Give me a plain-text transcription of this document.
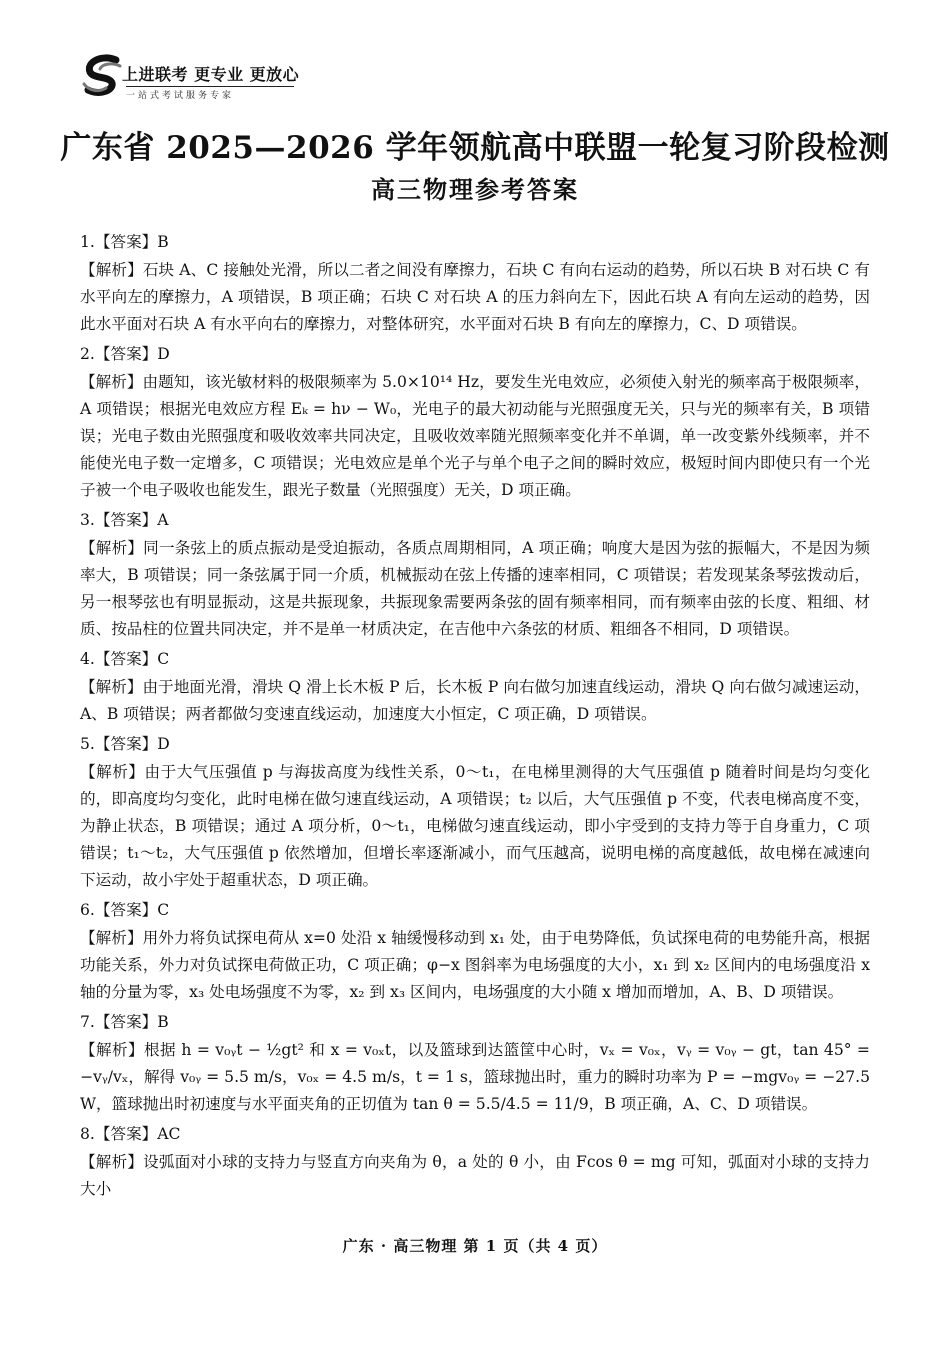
上进联考 更专业 更放心
一站式考试服务专家
广东省 2025—2026 学年领航高中联盟一轮复习阶段检测
高三物理参考答案

1.【答案】B

【解析】石块 A、C 接触处光滑，所以二者之间没有摩擦力，石块 C 有向右运动的趋势，所以石块 B 对石块 C 有水平向左的摩擦力，A 项错误，B 项正确；石块 C 对石块 A 的压力斜向左下，因此石块 A 有向左运动的趋势，因此水平面对石块 A 有水平向右的摩擦力，对整体研究，水平面对石块 B 有向左的摩擦力，C、D 项错误。

2.【答案】D

【解析】由题知，该光敏材料的极限频率为 5.0×10¹⁴ Hz，要发生光电效应，必须使入射光的频率高于极限频率，A 项错误；根据光电效应方程 Eₖ = hν − W₀，光电子的最大初动能与光照强度无关，只与光的频率有关，B 项错误；光电子数由光照强度和吸收效率共同决定，且吸收效率随光照频率变化并不单调，单一改变紫外线频率，并不能使光电子数一定增多，C 项错误；光电效应是单个光子与单个电子之间的瞬时效应，极短时间内即使只有一个光子被一个电子吸收也能发生，跟光子数量（光照强度）无关，D 项正确。

3.【答案】A

【解析】同一条弦上的质点振动是受迫振动，各质点周期相同，A 项正确；响度大是因为弦的振幅大，不是因为频率大，B 项错误；同一条弦属于同一介质，机械振动在弦上传播的速率相同，C 项错误；若发现某条琴弦拨动后，另一根琴弦也有明显振动，这是共振现象，共振现象需要两条弦的固有频率相同，而有频率由弦的长度、粗细、材质、按品柱的位置共同决定，并不是单一材质决定，在吉他中六条弦的材质、粗细各不相同，D 项错误。

4.【答案】C

【解析】由于地面光滑，滑块 Q 滑上长木板 P 后，长木板 P 向右做匀加速直线运动，滑块 Q 向右做匀减速运动，A、B 项错误；两者都做匀变速直线运动，加速度大小恒定，C 项正确，D 项错误。

5.【答案】D

【解析】由于大气压强值 p 与海拔高度为线性关系，0～t₁，在电梯里测得的大气压强值 p 随着时间是均匀变化的，即高度均匀变化，此时电梯在做匀速直线运动，A 项错误；t₂ 以后，大气压强值 p 不变，代表电梯高度不变，为静止状态，B 项错误；通过 A 项分析，0～t₁，电梯做匀速直线运动，即小宇受到的支持力等于自身重力，C 项错误；t₁～t₂，大气压强值 p 依然增加，但增长率逐渐减小，而气压越高，说明电梯的高度越低，故电梯在减速向下运动，故小宇处于超重状态，D 项正确。

6.【答案】C

【解析】用外力将负试探电荷从 x=0 处沿 x 轴缓慢移动到 x₁ 处，由于电势降低，负试探电荷的电势能升高，根据功能关系，外力对负试探电荷做正功，C 项正确；φ−x 图斜率为电场强度的大小，x₁ 到 x₂ 区间内的电场强度沿 x 轴的分量为零，x₃ 处电场强度不为零，x₂ 到 x₃ 区间内，电场强度的大小随 x 增加而增加，A、B、D 项错误。

7.【答案】B

【解析】根据 h = v₀ᵧt − ½gt² 和 x = v₀ₓt，以及篮球到达篮筐中心时，vₓ = v₀ₓ，vᵧ = v₀ᵧ − gt，tan 45° = −vᵧ/vₓ，解得 v₀ᵧ = 5.5 m/s，v₀ₓ = 4.5 m/s，t = 1 s，篮球抛出时，重力的瞬时功率为 P = −mgv₀ᵧ = −27.5 W，篮球抛出时初速度与水平面夹角的正切值为 tan θ = 5.5/4.5 = 11/9，B 项正确，A、C、D 项错误。

8.【答案】AC

【解析】设弧面对小球的支持力与竖直方向夹角为 θ，a 处的 θ 小，由 Fcos θ = mg 可知，弧面对小球的支持力大小

广东 · 高三物理 第 1 页（共 4 页）
